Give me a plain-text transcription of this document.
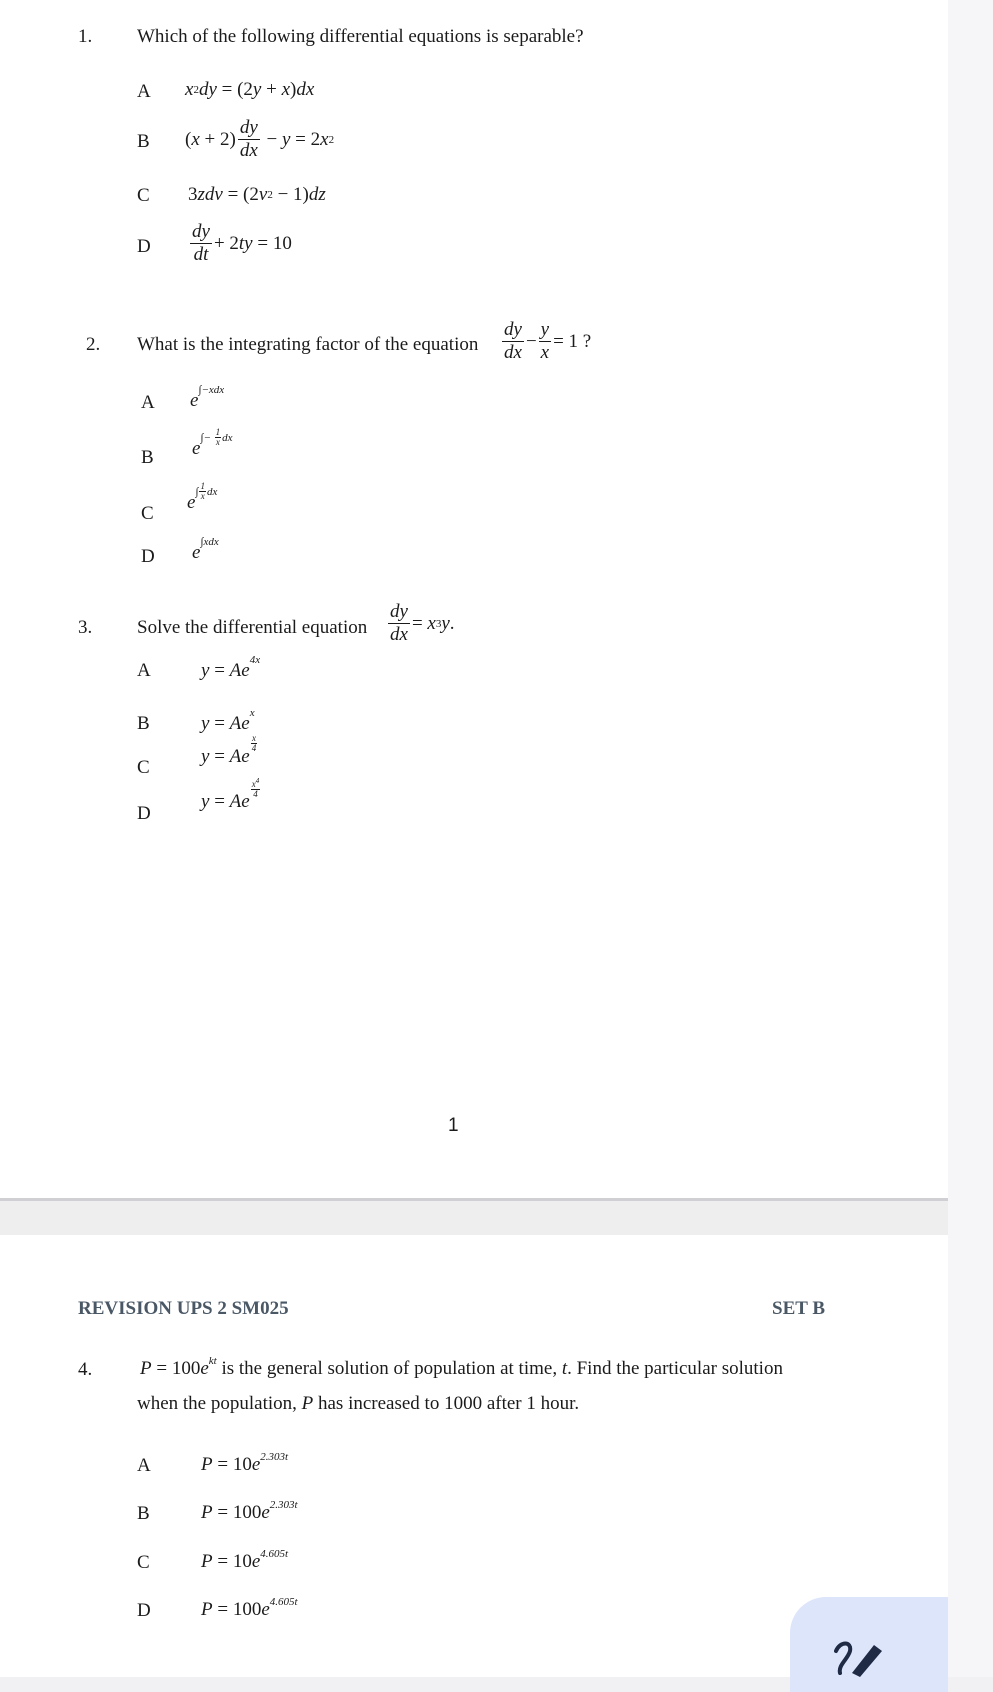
1. Which of the following differential equations is separable?
A x 2 dy = (2 y + x ) dx
B ( $x + 2) \frac{dy}{dx} - y = 2$ x 2
C 3 zdv = (2 v 2 − 1) dz
D $\frac{dy}{dt} + 2$ ty = 10
2. What is the integrating factor of the equation $\frac{dy}{dx} - \frac{y}{x} = 1$ ?
A e ∫−xdx
B e ∫− $\frac{1}{x}$ dx
C
e ∫ $\frac{1}{x}$ dx
D e ∫xdx
3. Solve the differential equation $\frac{dy}{dx} = x$ 3 y .
A	y = Ae 4x
B	y = Ae x
C
y = Ae
$\frac{x}{4}$
D
y = Ae
$\frac{x^4}{4}$
1
REVISION UPS 2 SM025	SET B
4.	P = 100 e kt
is the general solution of population at time,
t . Find the particular solution
when the population, P has increased to 1000 after 1 hour.
A	P = 10 e 2.303t
B	P = 100 e 2.303t
C	P = 10 e 4.605t
D	P = 100 e 4.605t
